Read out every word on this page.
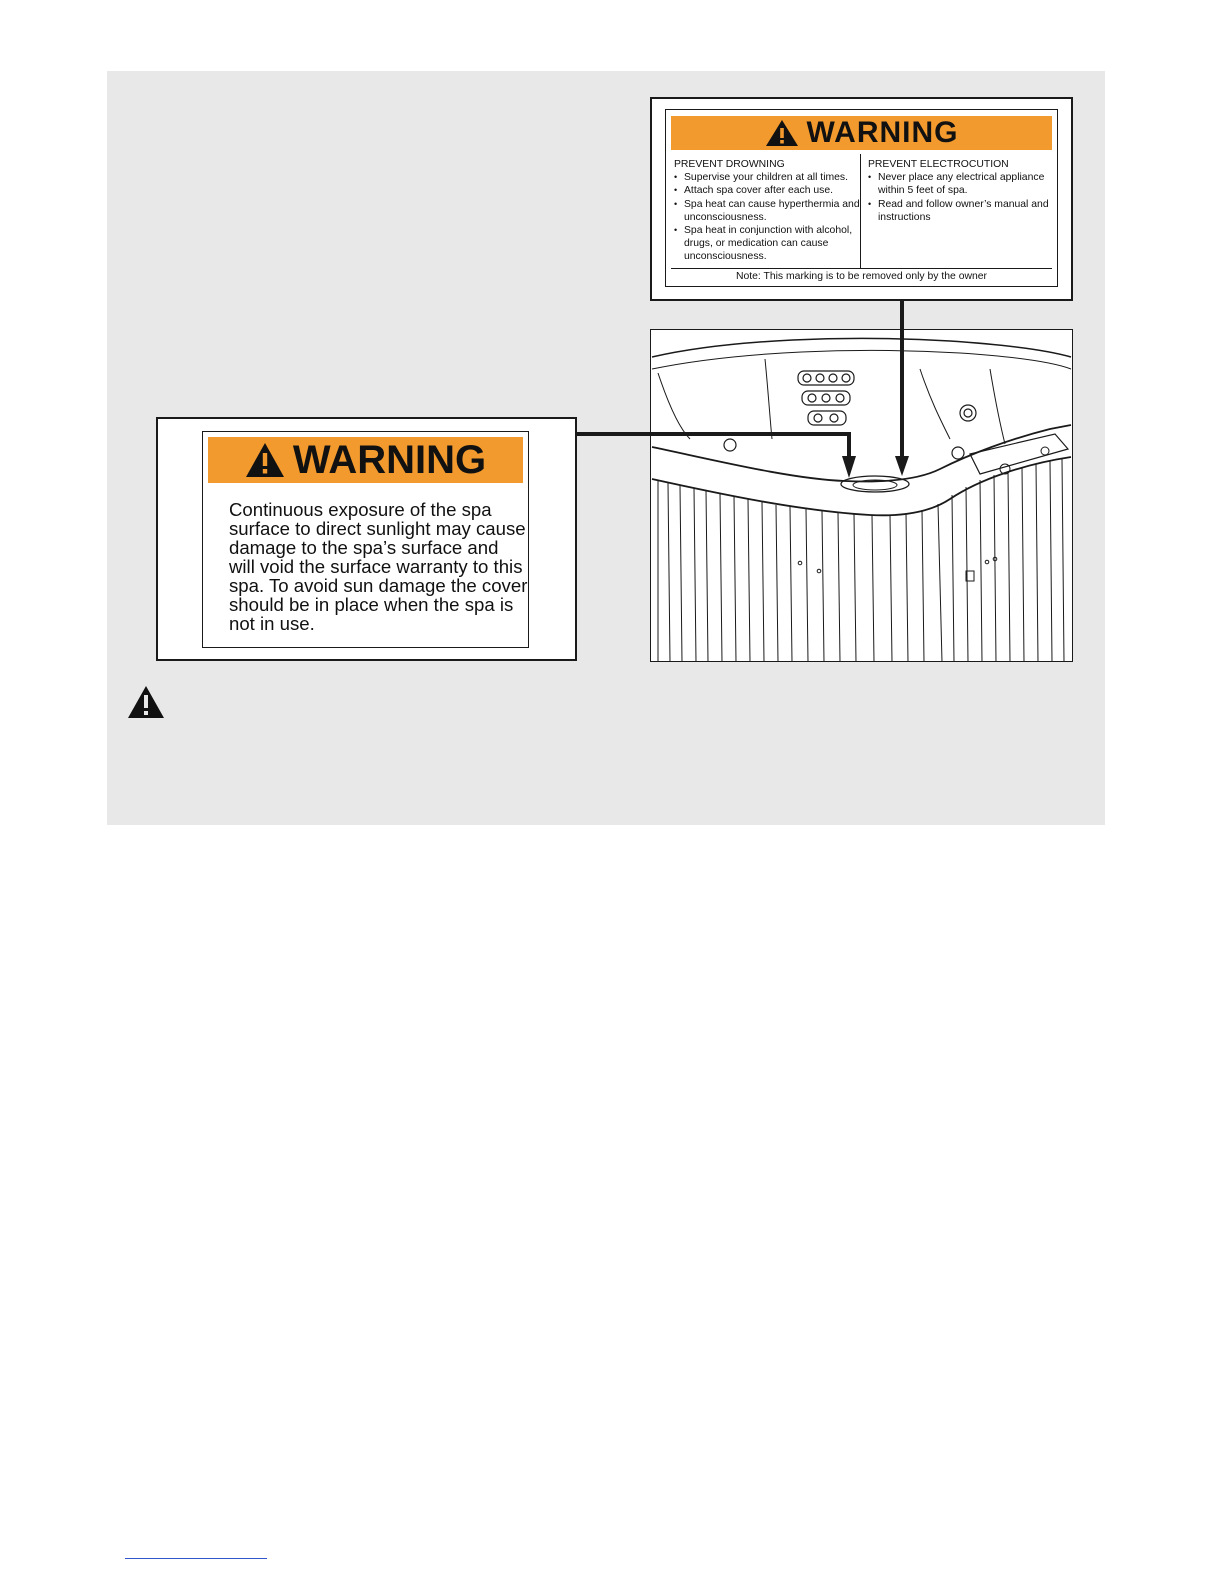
WARNING
PREVENT DROWNING
• Supervise your children at all times.
• Attach spa cover after each use.
• Spa heat can cause hyperthermia and unconsciousness.
• Spa heat in conjunction with alcohol, drugs, or medication can cause unconsciousness.
PREVENT ELECTROCUTION
• Never place any electrical appliance within 5 feet of spa.
• Read and follow owner’s manual and instructions
Note: This marking is to be removed only by the owner
WARNING
Continuous exposure of the spa surface to direct sunlight may cause damage to the spa’s surface and will void the surface warranty to this spa. To avoid sun damage the cover should be in place when the spa is not in use.
